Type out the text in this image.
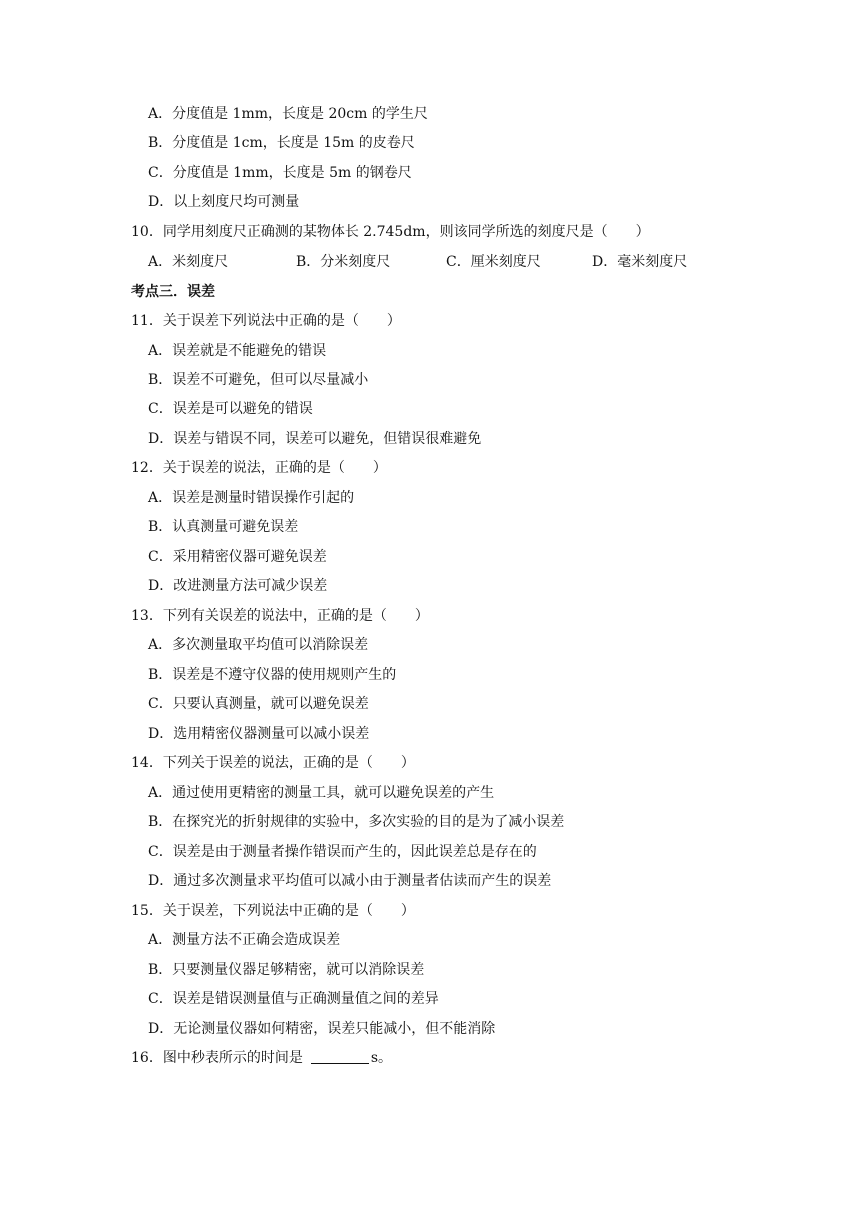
A．分度值是 1mm，长度是 20cm 的学生尺
B．分度值是 1cm，长度是 15m 的皮卷尺
C．分度值是 1mm，长度是 5m 的钢卷尺
D．以上刻度尺均可测量
10．同学用刻度尺正确测的某物体长 2.745dm，则该同学所选的刻度尺是（　　）
A．米刻度尺	B．分米刻度尺	C．厘米刻度尺	D．毫米刻度尺
考点三．误差
11．关于误差下列说法中正确的是（　　）
A．误差就是不能避免的错误
B．误差不可避免，但可以尽量减小
C．误差是可以避免的错误
D．误差与错误不同，误差可以避免，但错误很难避免
12．关于误差的说法，正确的是（　　）
A．误差是测量时错误操作引起的
B．认真测量可避免误差
C．采用精密仪器可避免误差
D．改进测量方法可减少误差
13．下列有关误差的说法中，正确的是（　　）
A．多次测量取平均值可以消除误差
B．误差是不遵守仪器的使用规则产生的
C．只要认真测量，就可以避免误差
D．选用精密仪器测量可以减小误差
14．下列关于误差的说法，正确的是（　　）
A．通过使用更精密的测量工具，就可以避免误差的产生
B．在探究光的折射规律的实验中，多次实验的目的是为了减小误差
C．误差是由于测量者操作错误而产生的，因此误差总是存在的
D．通过多次测量求平均值可以减小由于测量者估读而产生的误差
15．关于误差，下列说法中正确的是（　　）
A．测量方法不正确会造成误差
B．只要测量仪器足够精密，就可以消除误差
C．误差是错误测量值与正确测量值之间的差异
D．无论测量仪器如何精密，误差只能减小，但不能消除
16．图中秒表所示的时间是	s。
